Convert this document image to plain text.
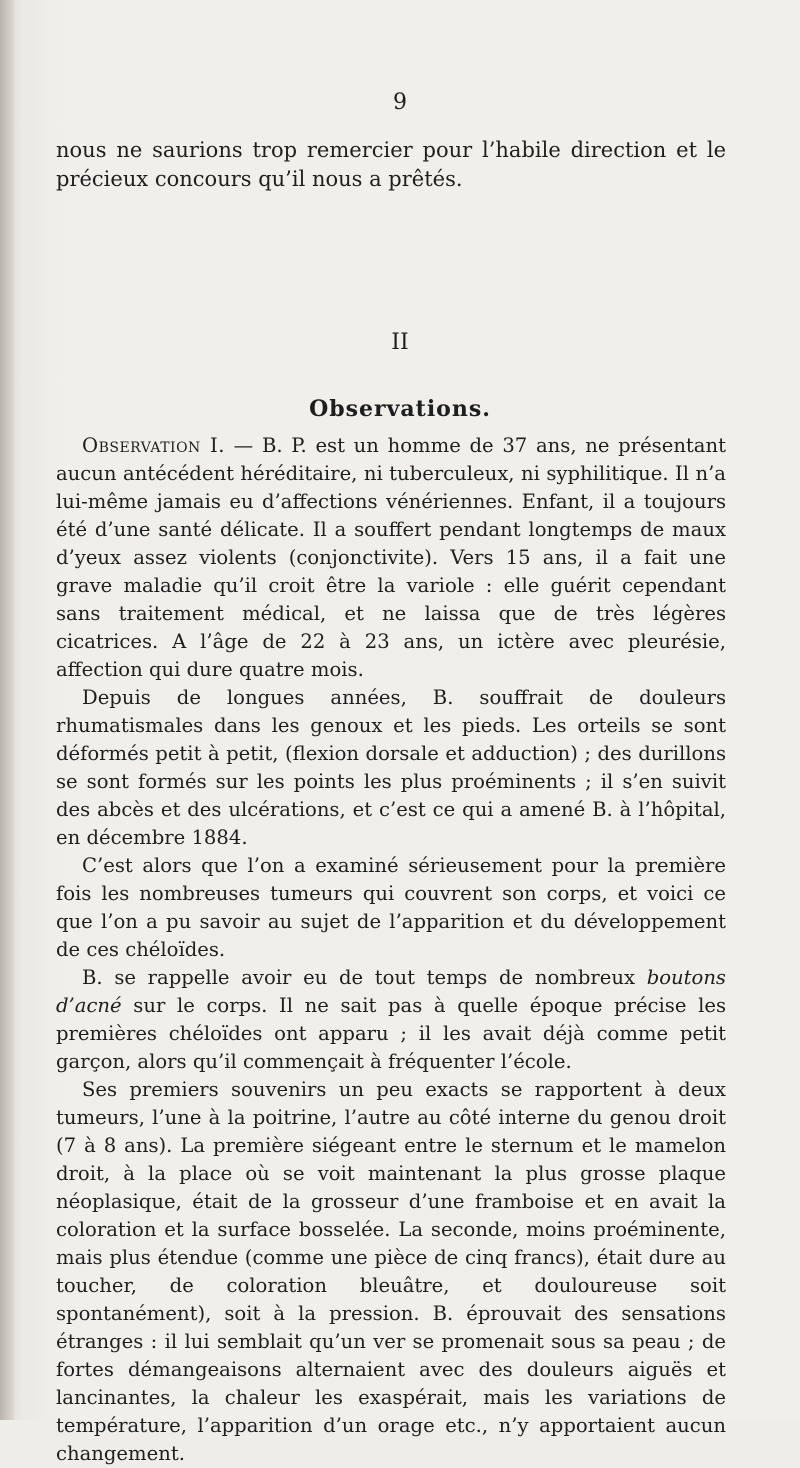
9
nous ne saurions trop remercier pour l’habile direction et le précieux concours qu’il nous a prêtés.
II
Observations.

Observation I. — B. P. est un homme de 37 ans, ne présentant aucun antécédent héréditaire, ni tuberculeux, ni syphilitique. Il n’a lui-même jamais eu d’affections vénériennes. Enfant, il a toujours été d’une santé délicate. Il a souffert pendant longtemps de maux d’yeux assez violents (conjonctivite). Vers 15 ans, il a fait une grave maladie qu’il croit être la variole : elle guérit cependant sans traitement médical, et ne laissa que de très légères cicatrices. A l’âge de 22 à 23 ans, un ictère avec pleurésie, affection qui dure quatre mois.

Depuis de longues années, B. souffrait de douleurs rhumatismales dans les genoux et les pieds. Les orteils se sont déformés petit à petit, (flexion dorsale et adduction) ; des durillons se sont formés sur les points les plus proéminents ; il s’en suivit des abcès et des ulcérations, et c’est ce qui a amené B. à l’hôpital, en décembre 1884.

C’est alors que l’on a examiné sérieusement pour la première fois les nombreuses tumeurs qui couvrent son corps, et voici ce que l’on a pu savoir au sujet de l’apparition et du développement de ces chéloïdes.

B. se rappelle avoir eu de tout temps de nombreux boutons d’acné sur le corps. Il ne sait pas à quelle époque précise les premières chéloïdes ont apparu ; il les avait déjà comme petit garçon, alors qu’il commençait à fréquenter l’école.

Ses premiers souvenirs un peu exacts se rapportent à deux tumeurs, l’une à la poitrine, l’autre au côté interne du genou droit (7 à 8 ans). La première siégeant entre le sternum et le mamelon droit, à la place où se voit maintenant la plus grosse plaque néoplasique, était de la grosseur d’une framboise et en avait la coloration et la surface bosselée. La seconde, moins proéminente, mais plus étendue (comme une pièce de cinq francs), était dure au toucher, de coloration bleuâtre, et douloureuse soit spontanément), soit à la pression. B. éprouvait des sensations étranges : il lui semblait qu’un ver se promenait sous sa peau ; de fortes démangeaisons alternaient avec des douleurs aiguës et lancinantes, la chaleur les exaspérait, mais les variations de température, l’apparition d’un orage etc., n’y apportaient aucun changement.
